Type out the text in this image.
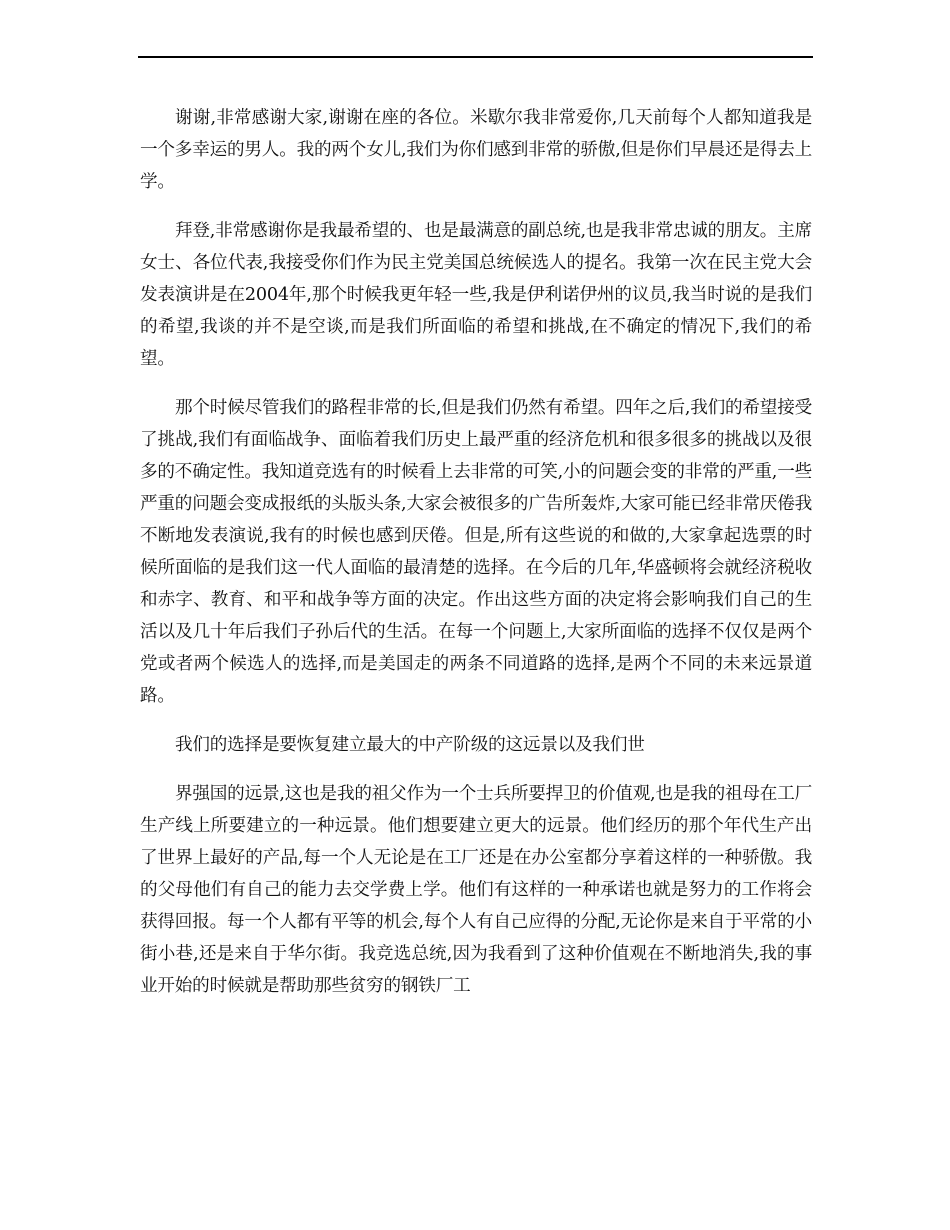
谢谢,非常感谢大家,谢谢在座的各位。米歇尔我非常爱你,几天前每个人都知道我是一个多幸运的男人。我的两个女儿,我们为你们感到非常的骄傲,但是你们早晨还是得去上学。

拜登,非常感谢你是我最希望的、也是最满意的副总统,也是我非常忠诚的朋友。主席女士、各位代表,我接受你们作为民主党美国总统候选人的提名。我第一次在民主党大会发表演讲是在2004年,那个时候我更年轻一些,我是伊利诺伊州的议员,我当时说的是我们的希望,我谈的并不是空谈,而是我们所面临的希望和挑战,在不确定的情况下,我们的希望。

那个时候尽管我们的路程非常的长,但是我们仍然有希望。四年之后,我们的希望接受了挑战,我们有面临战争、面临着我们历史上最严重的经济危机和很多很多的挑战以及很多的不确定性。我知道竞选有的时候看上去非常的可笑,小的问题会变的非常的严重,一些严重的问题会变成报纸的头版头条,大家会被很多的广告所轰炸,大家可能已经非常厌倦我不断地发表演说,我有的时候也感到厌倦。但是,所有这些说的和做的,大家拿起选票的时候所面临的是我们这一代人面临的最清楚的选择。在今后的几年,华盛顿将会就经济税收和赤字、教育、和平和战争等方面的决定。作出这些方面的决定将会影响我们自己的生活以及几十年后我们子孙后代的生活。在每一个问题上,大家所面临的选择不仅仅是两个党或者两个候选人的选择,而是美国走的两条不同道路的选择,是两个不同的未来远景道路。

我们的选择是要恢复建立最大的中产阶级的这远景以及我们世

界强国的远景,这也是我的祖父作为一个士兵所要捍卫的价值观,也是我的祖母在工厂生产线上所要建立的一种远景。他们想要建立更大的远景。他们经历的那个年代生产出了世界上最好的产品,每一个人无论是在工厂还是在办公室都分享着这样的一种骄傲。我的父母他们有自己的能力去交学费上学。他们有这样的一种承诺也就是努力的工作将会获得回报。每一个人都有平等的机会,每个人有自己应得的分配,无论你是来自于平常的小街小巷,还是来自于华尔街。我竞选总统,因为我看到了这种价值观在不断地消失,我的事业开始的时候就是帮助那些贫穷的钢铁厂工
